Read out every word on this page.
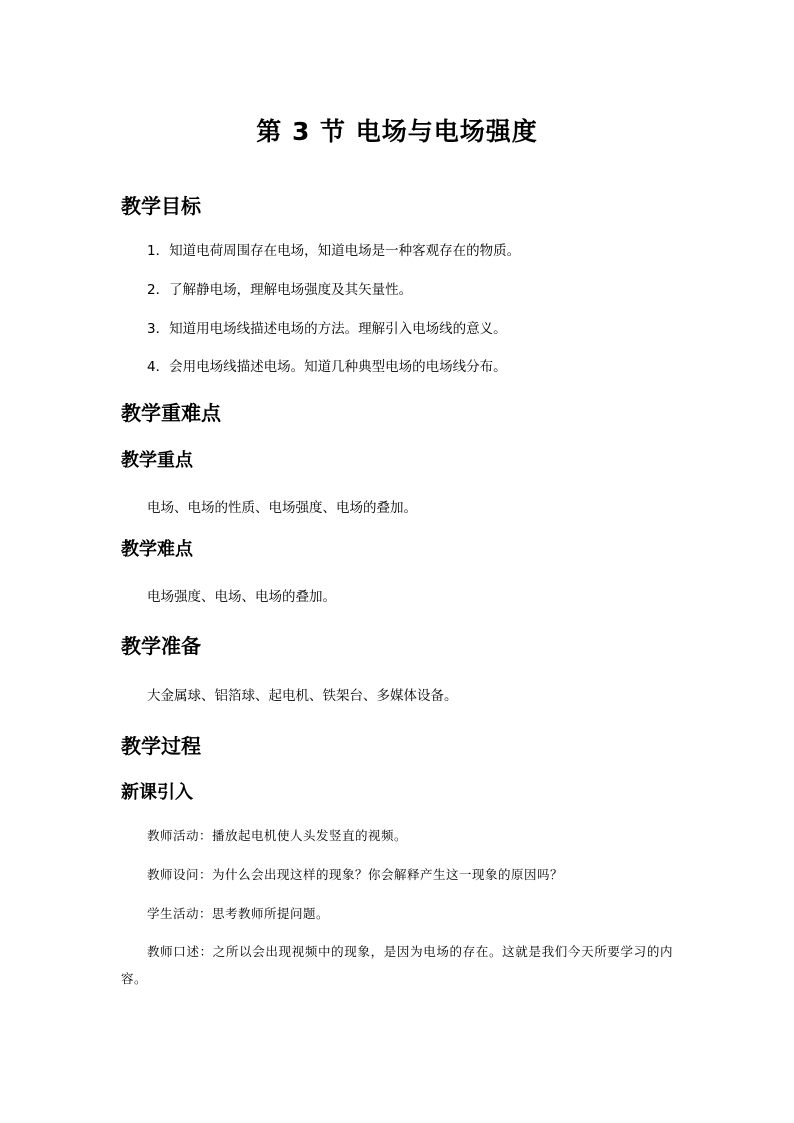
第 3 节 电场与电场强度
教学目标
1．知道电荷周围存在电场，知道电场是一种客观存在的物质。
2．了解静电场，理解电场强度及其矢量性。
3．知道用电场线描述电场的方法。理解引入电场线的意义。
4．会用电场线描述电场。知道几种典型电场的电场线分布。
教学重难点
教学重点
电场、电场的性质、电场强度、电场的叠加。
教学难点
电场强度、电场、电场的叠加。
教学准备
大金属球、铝箔球、起电机、铁架台、多媒体设备。
教学过程
新课引入
教师活动：播放起电机使人头发竖直的视频。
教师设问：为什么会出现这样的现象？你会解释产生这一现象的原因吗？
学生活动：思考教师所提问题。
教师口述：之所以会出现视频中的现象，是因为电场的存在。这就是我们今天所要学习的内容。
